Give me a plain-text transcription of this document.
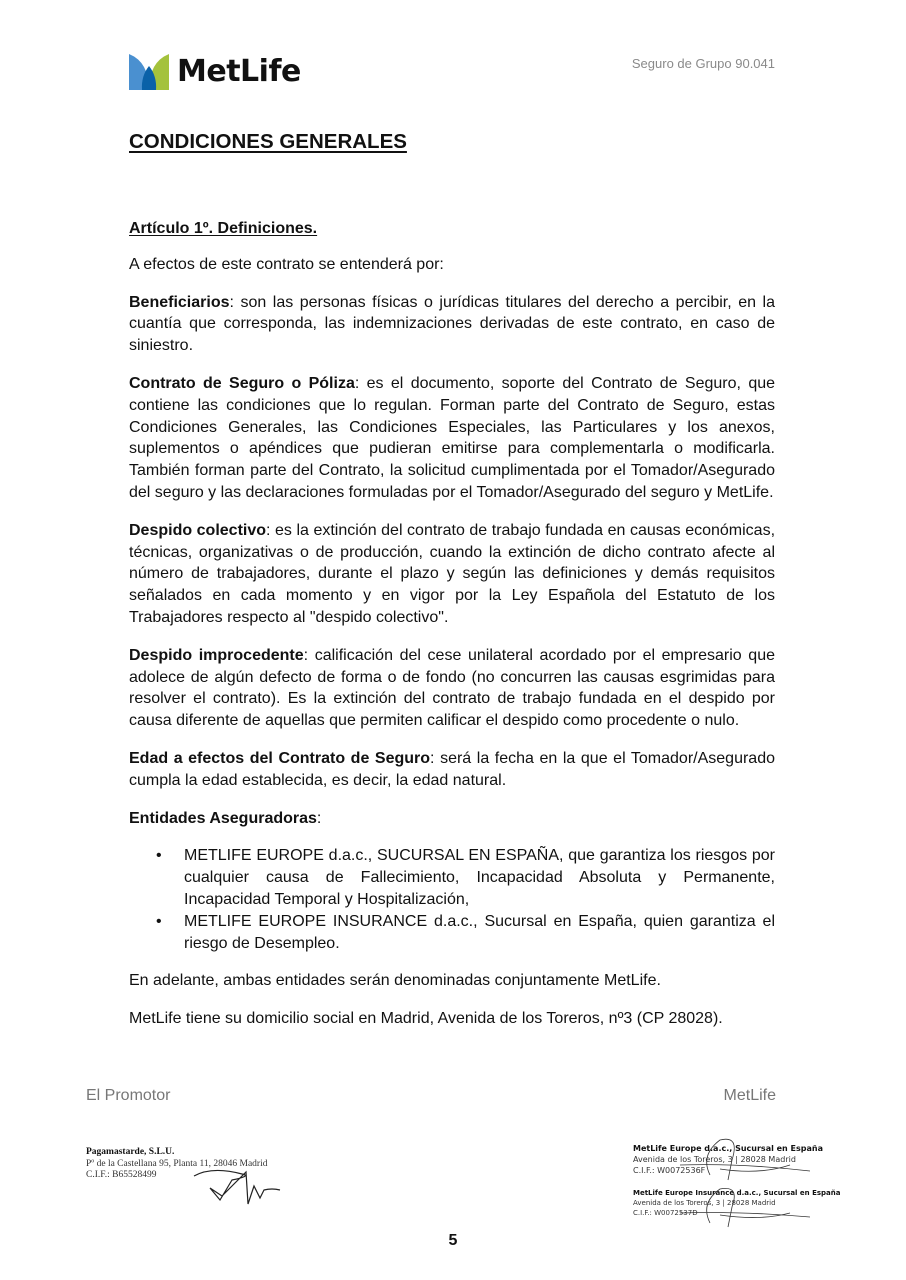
MetLife	Seguro de Grupo 90.041
CONDICIONES GENERALES
Artículo 1º. Definiciones.

A efectos de este contrato se entenderá por:

Beneficiarios: son las personas físicas o jurídicas titulares del derecho a percibir, en la cuantía que corresponda, las indemnizaciones derivadas de este contrato, en caso de siniestro.

Contrato de Seguro o Póliza: es el documento, soporte del Contrato de Seguro, que contiene las condiciones que lo regulan. Forman parte del Contrato de Seguro, estas Condiciones Generales, las Condiciones Especiales, las Particulares y los anexos, suplementos o apéndices que pudieran emitirse para complementarla o modificarla. También forman parte del Contrato, la solicitud cumplimentada por el Tomador/Asegurado del seguro y las declaraciones formuladas por el Tomador/Asegurado del seguro y MetLife.

Despido colectivo: es la extinción del contrato de trabajo fundada en causas económicas, técnicas, organizativas o de producción, cuando la extinción de dicho contrato afecte al número de trabajadores, durante el plazo y según las definiciones y demás requisitos señalados en cada momento y en vigor por la Ley Española del Estatuto de los Trabajadores respecto al "despido colectivo".

Despido improcedente: calificación del cese unilateral acordado por el empresario que adolece de algún defecto de forma o de fondo (no concurren las causas esgrimidas para resolver el contrato). Es la extinción del contrato de trabajo fundada en el despido por causa diferente de aquellas que permiten calificar el despido como procedente o nulo.

Edad a efectos del Contrato de Seguro: será la fecha en la que el Tomador/Asegurado cumpla la edad establecida, es decir, la edad natural.

Entidades Aseguradoras:

• METLIFE EUROPE d.a.c., SUCURSAL EN ESPAÑA, que garantiza los riesgos por cualquier causa de Fallecimiento, Incapacidad Absoluta y Permanente, Incapacidad Temporal y Hospitalización,
• METLIFE EUROPE INSURANCE d.a.c., Sucursal en España, quien garantiza el riesgo de Desempleo.

En adelante, ambas entidades serán denominadas conjuntamente MetLife.

MetLife tiene su domicilio social en Madrid, Avenida de los Toreros, nº3 (CP 28028).

El Promotor	MetLife
Pagamastarde, S.L.U.
Pº de la Castellana 95, Planta 11, 28046 Madrid
C.I.F.: B65528499
MetLife Europe d.a.c., Sucursal en España
Avenida de los Toreros, 3 | 28028 Madrid
C.I.F.: W0072536F
MetLife Europe Insurance d.a.c., Sucursal en España
Avenida de los Toreros, 3 | 28028 Madrid
C.I.F.: W0072537D
5
